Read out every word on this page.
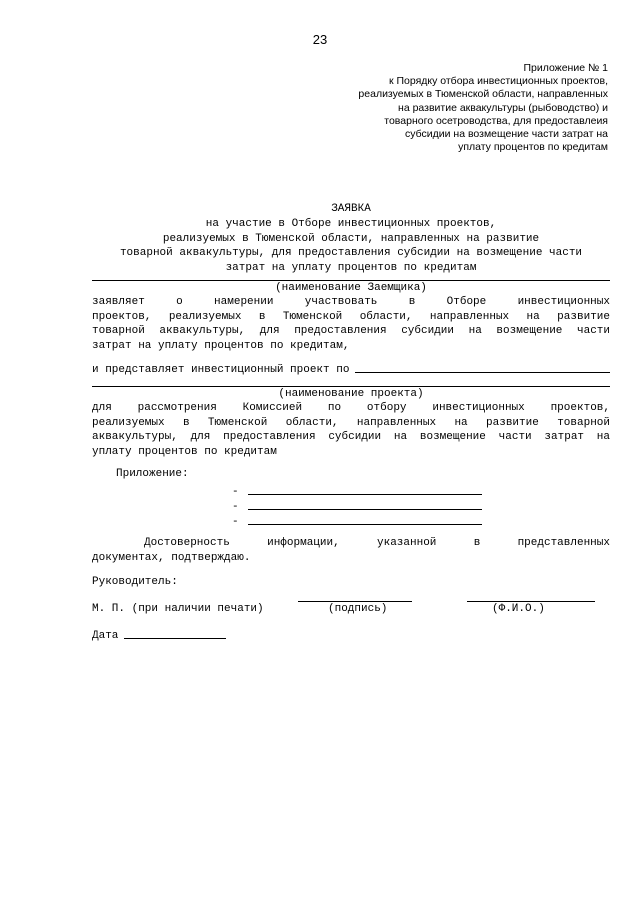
23
Приложение № 1
к Порядку отбора инвестиционных проектов,
реализуемых в Тюменской области, направленных
на развитие аквакультуры (рыбоводство) и
товарного осетроводства, для предоставлеия
субсидии на возмещение части затрат на
уплату процентов по кредитам
ЗАЯВКА
на участие в Отборе инвестиционных проектов,
реализуемых в Тюменской области, направленных на развитие
товарной аквакультуры, для предоставления субсидии на возмещение части
затрат на уплату процентов по кредитам
(наименование Заемщика)
заявляет о намерении участвовать в Отборе инвестиционных
проектов, реализуемых в Тюменской области, направленных на развитие
товарной аквакультуры, для предоставления субсидии на возмещение части
затрат на уплату процентов по кредитам,
и представляет инвестиционный проект по
(наименование проекта)
для рассмотрения Комиссией по отбору инвестиционных проектов,
реализуемых в Тюменской области, направленных на развитие товарной
аквакультуры, для предоставления субсидии на возмещение части затрат на
уплату процентов по кредитам
Приложение:
-
-
-
Достоверность информации, указанной в представленных
документах, подтверждаю.
Руководитель:
М. П. (при наличии печати)	(подпись)	(Ф.И.О.)
Дата
